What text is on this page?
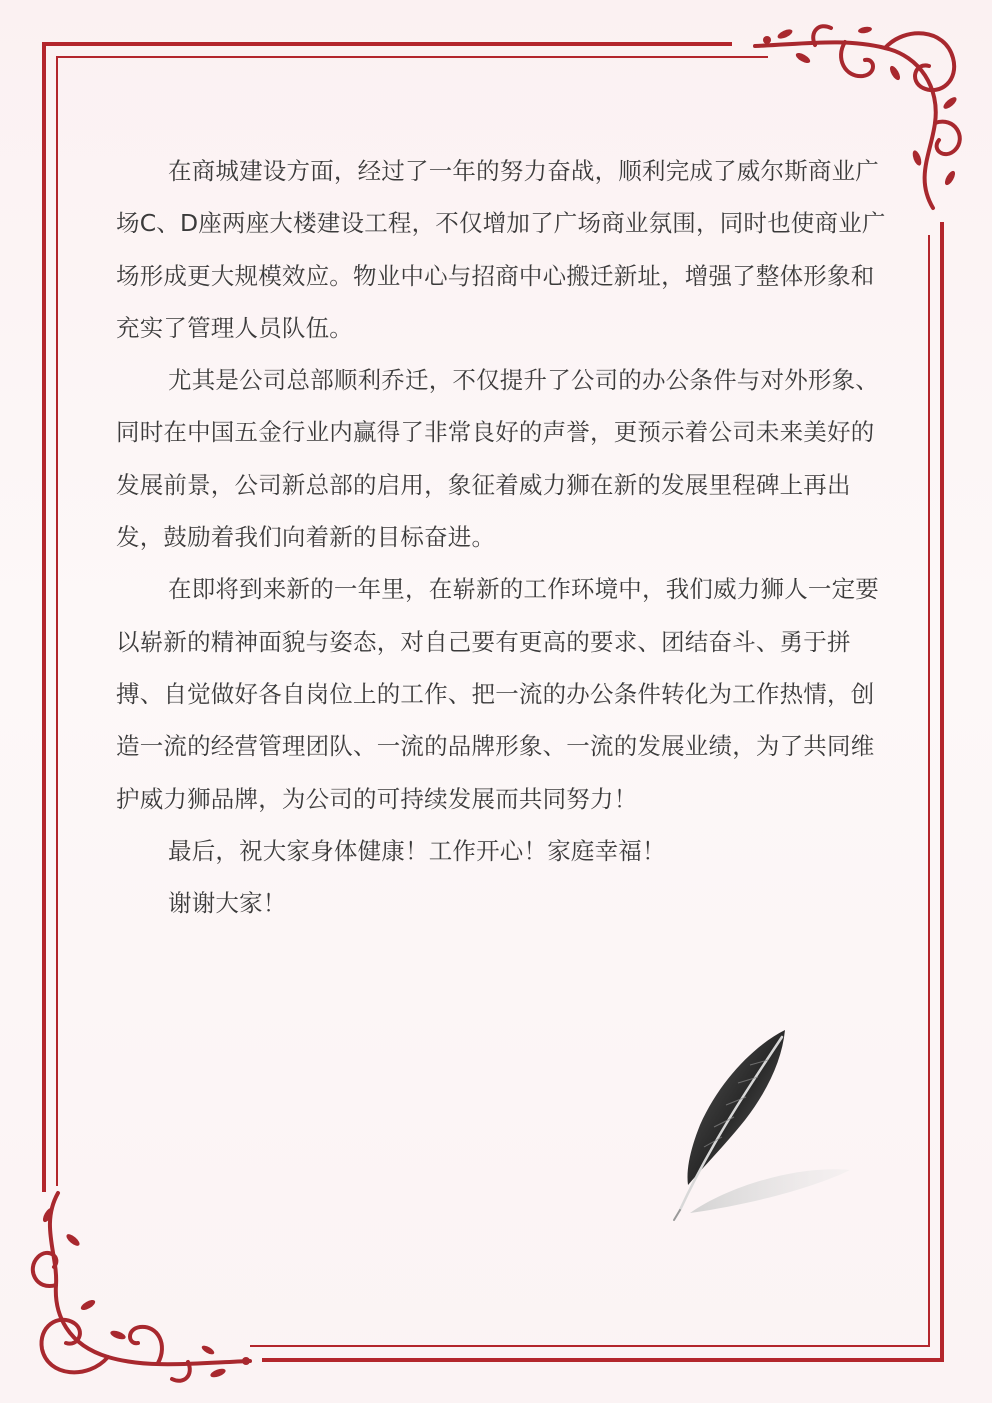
在商城建设方面，经过了一年的努力奋战，顺利完成了威尔斯商业广场C、D座两座大楼建设工程，不仅增加了广场商业氛围，同时也使商业广场形成更大规模效应。物业中心与招商中心搬迁新址，增强了整体形象和充实了管理人员队伍。

尤其是公司总部顺利乔迁，不仅提升了公司的办公条件与对外形象、同时在中国五金行业内赢得了非常良好的声誉，更预示着公司未来美好的发展前景，公司新总部的启用，象征着威力狮在新的发展里程碑上再出发，鼓励着我们向着新的目标奋进。

在即将到来新的一年里，在崭新的工作环境中，我们威力狮人一定要以崭新的精神面貌与姿态，对自己要有更高的要求、团结奋斗、勇于拼搏、自觉做好各自岗位上的工作、把一流的办公条件转化为工作热情，创造一流的经营管理团队、一流的品牌形象、一流的发展业绩，为了共同维护威力狮品牌，为公司的可持续发展而共同努力！

最后，祝大家身体健康！工作开心！家庭幸福！

谢谢大家！
